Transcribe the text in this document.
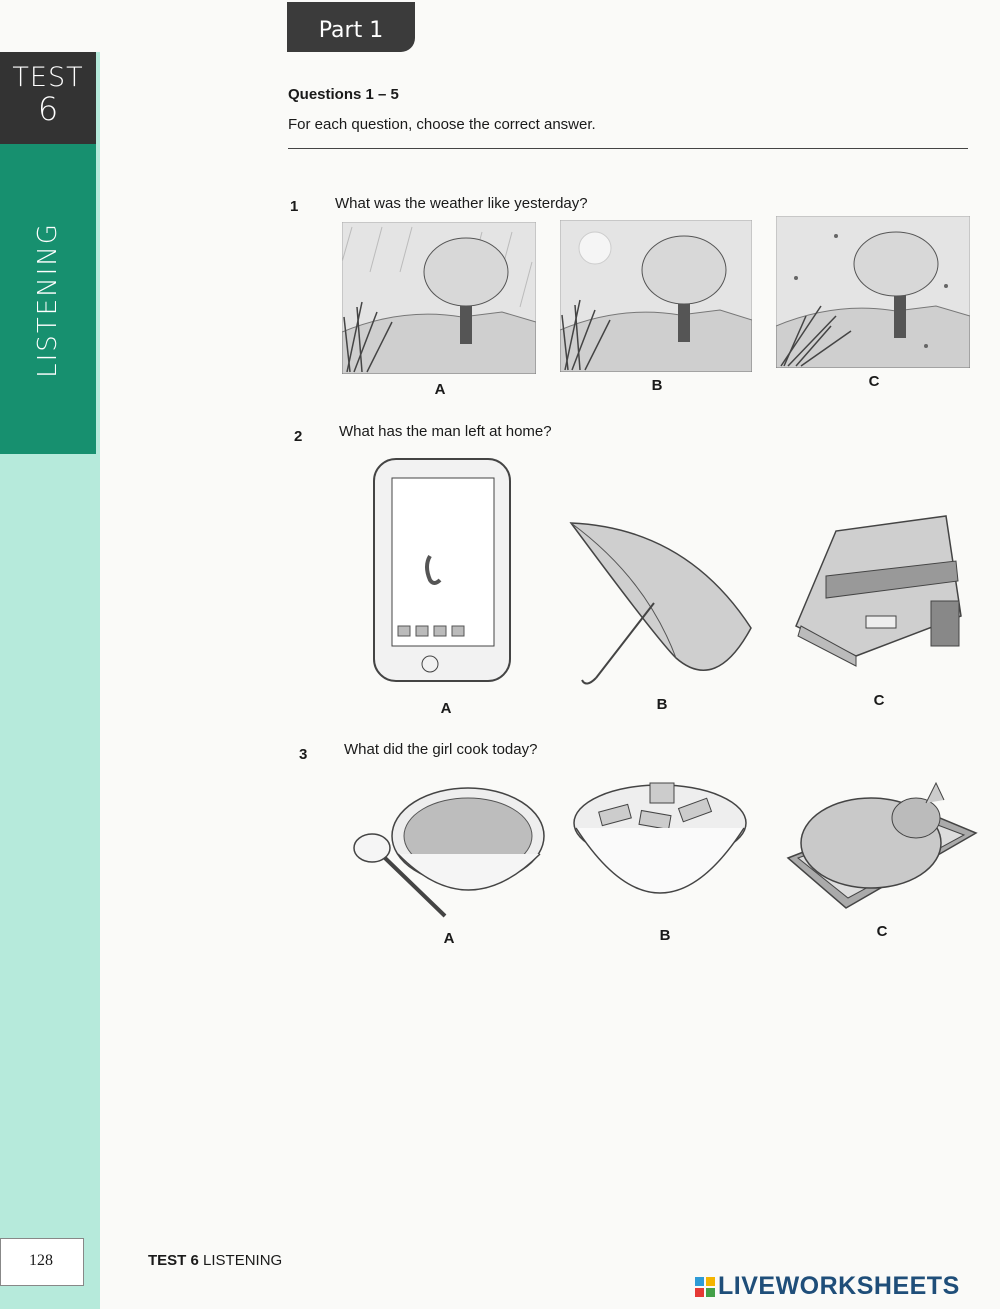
TEST
6
LISTENING
Part 1
Questions 1 – 5
For each question, choose the correct answer.
1 What was the weather like yesterday?
A	B	C
2 What has the man left at home?
A	B	C
3 What did the girl cook today?
A	B	C
128	TEST 6 LISTENING
LIVEWORKSHEETS
